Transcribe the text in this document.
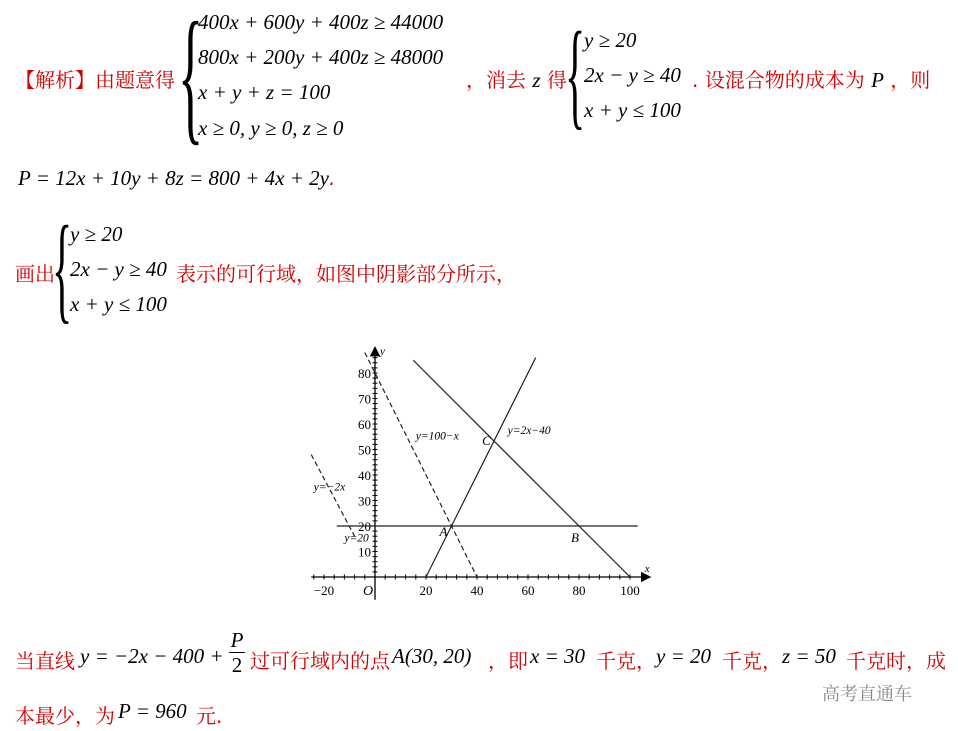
【解析】由题意得 {
400x + 600y + 400z ≥ 44000
800x + 200y + 400z ≥ 48000
x + y + z = 100
x ≥ 0, y ≥ 0, z ≥ 0
，消去 z 得
{
y ≥ 20
2x − y ≥ 40
x + y ≤ 100
. 设混合物的成本为 P ，则
P = 12x + 10y + 8z = 800 + 4x + 2y.
画出
{
y ≥ 20
2x − y ≥ 40
x + y ≤ 100
表示的可行域，如图中阴影部分所示，
x
y
O
−20	20	40	60	80	100
10
20
30
40
50
60
70
80
y=100−x	y=2x−40
y=20
y=−2x
A	B
C
当直线 y = −2x − 400 +
P
2 过可行域内的点 A(30, 20) ，即 x = 30 千克， y = 20 千克， z = 50 千克时，成
本最少，为 P = 960 元.
高考直通车
